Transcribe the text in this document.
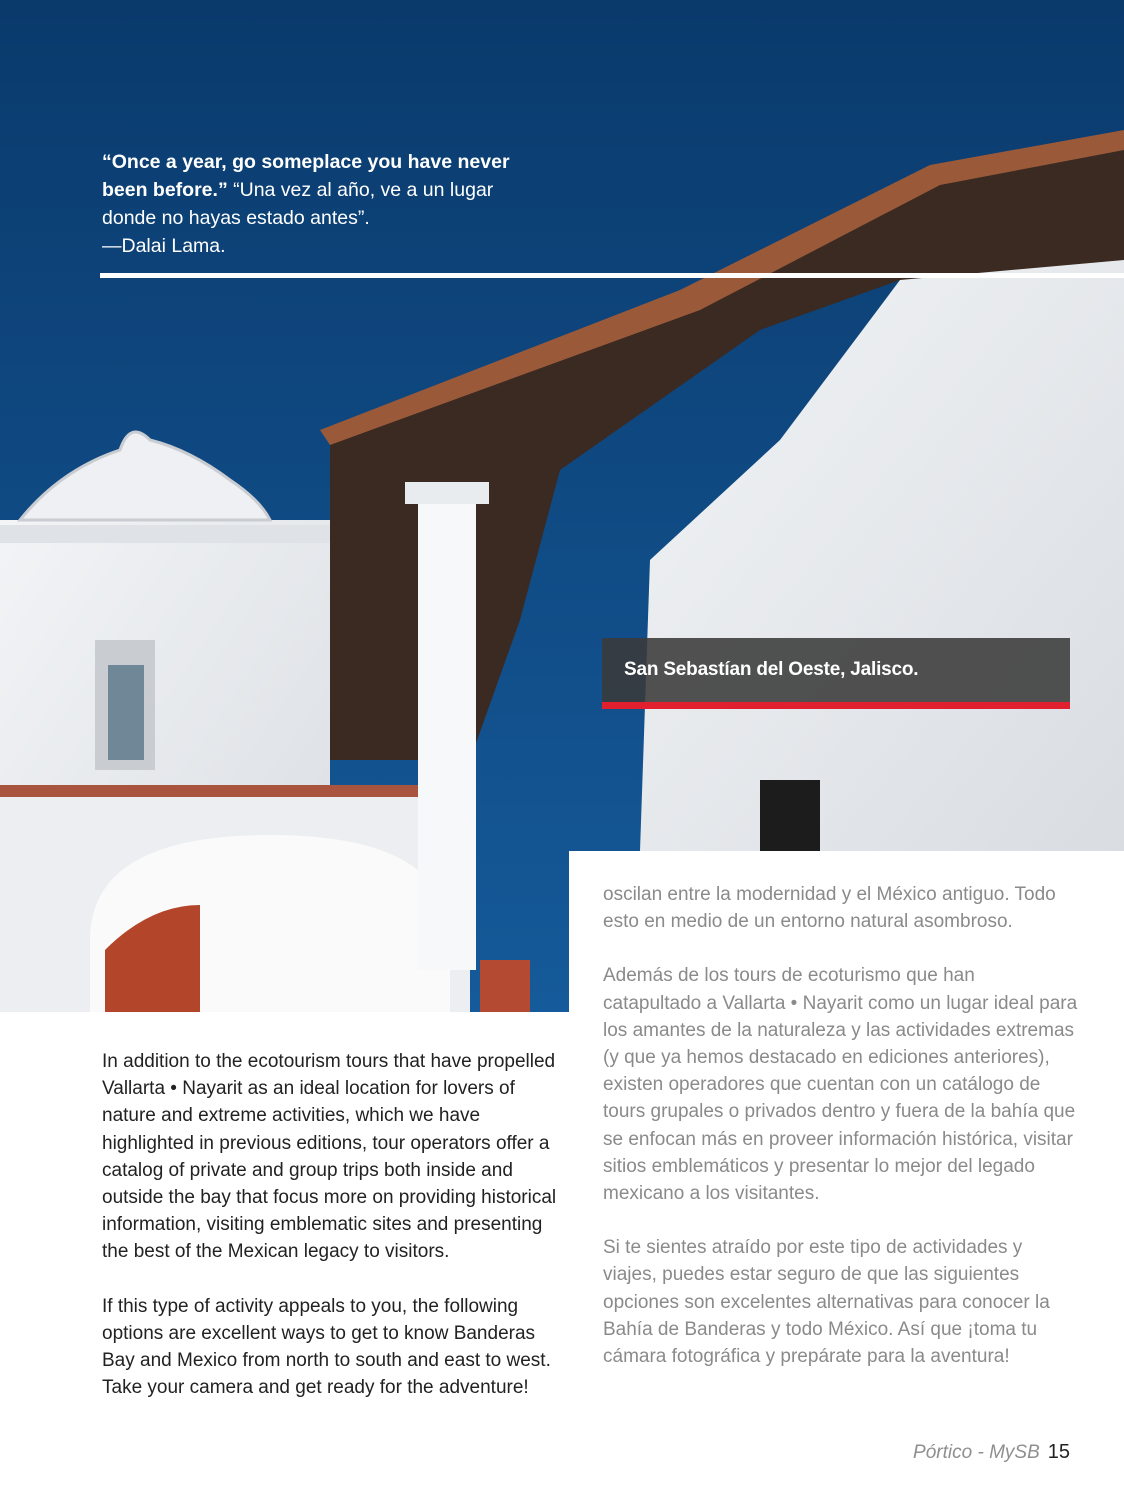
“Once a year, go someplace you have never been before.” “Una vez al año, ve a un lugar donde no hayas estado antes”.
—Dalai Lama.
San Sebastían del Oeste, Jalisco.

In addition to the ecotourism tours that have propelled Vallarta • Nayarit as an ideal location for lovers of nature and extreme activities, which we have highlighted in previous editions, tour operators offer a catalog of private and group trips both inside and outside the bay that focus more on providing historical information, visiting emblematic sites and presenting the best of the Mexican legacy to visitors.

If this type of activity appeals to you, the following options are excellent ways to get to know Banderas Bay and Mexico from north to south and east to west. Take your camera and get ready for the adventure!

oscilan entre la modernidad y el México antiguo. Todo esto en medio de un entorno natural asombroso.

Además de los tours de ecoturismo que han catapultado a Vallarta • Nayarit como un lugar ideal para los amantes de la naturaleza y las actividades extremas (y que ya hemos destacado en ediciones anteriores), existen operadores que cuentan con un catálogo de tours grupales o privados dentro y fuera de la bahía que se enfocan más en proveer información histórica, visitar sitios emblemáticos y presentar lo mejor del legado mexicano a los visitantes.

Si te sientes atraído por este tipo de actividades y viajes, puedes estar seguro de que las siguientes opciones son excelentes alternativas para conocer la Bahía de Banderas y todo México. Así que ¡toma tu cámara fotográfica y prepárate para la aventura!

Pórtico - MySB 15
